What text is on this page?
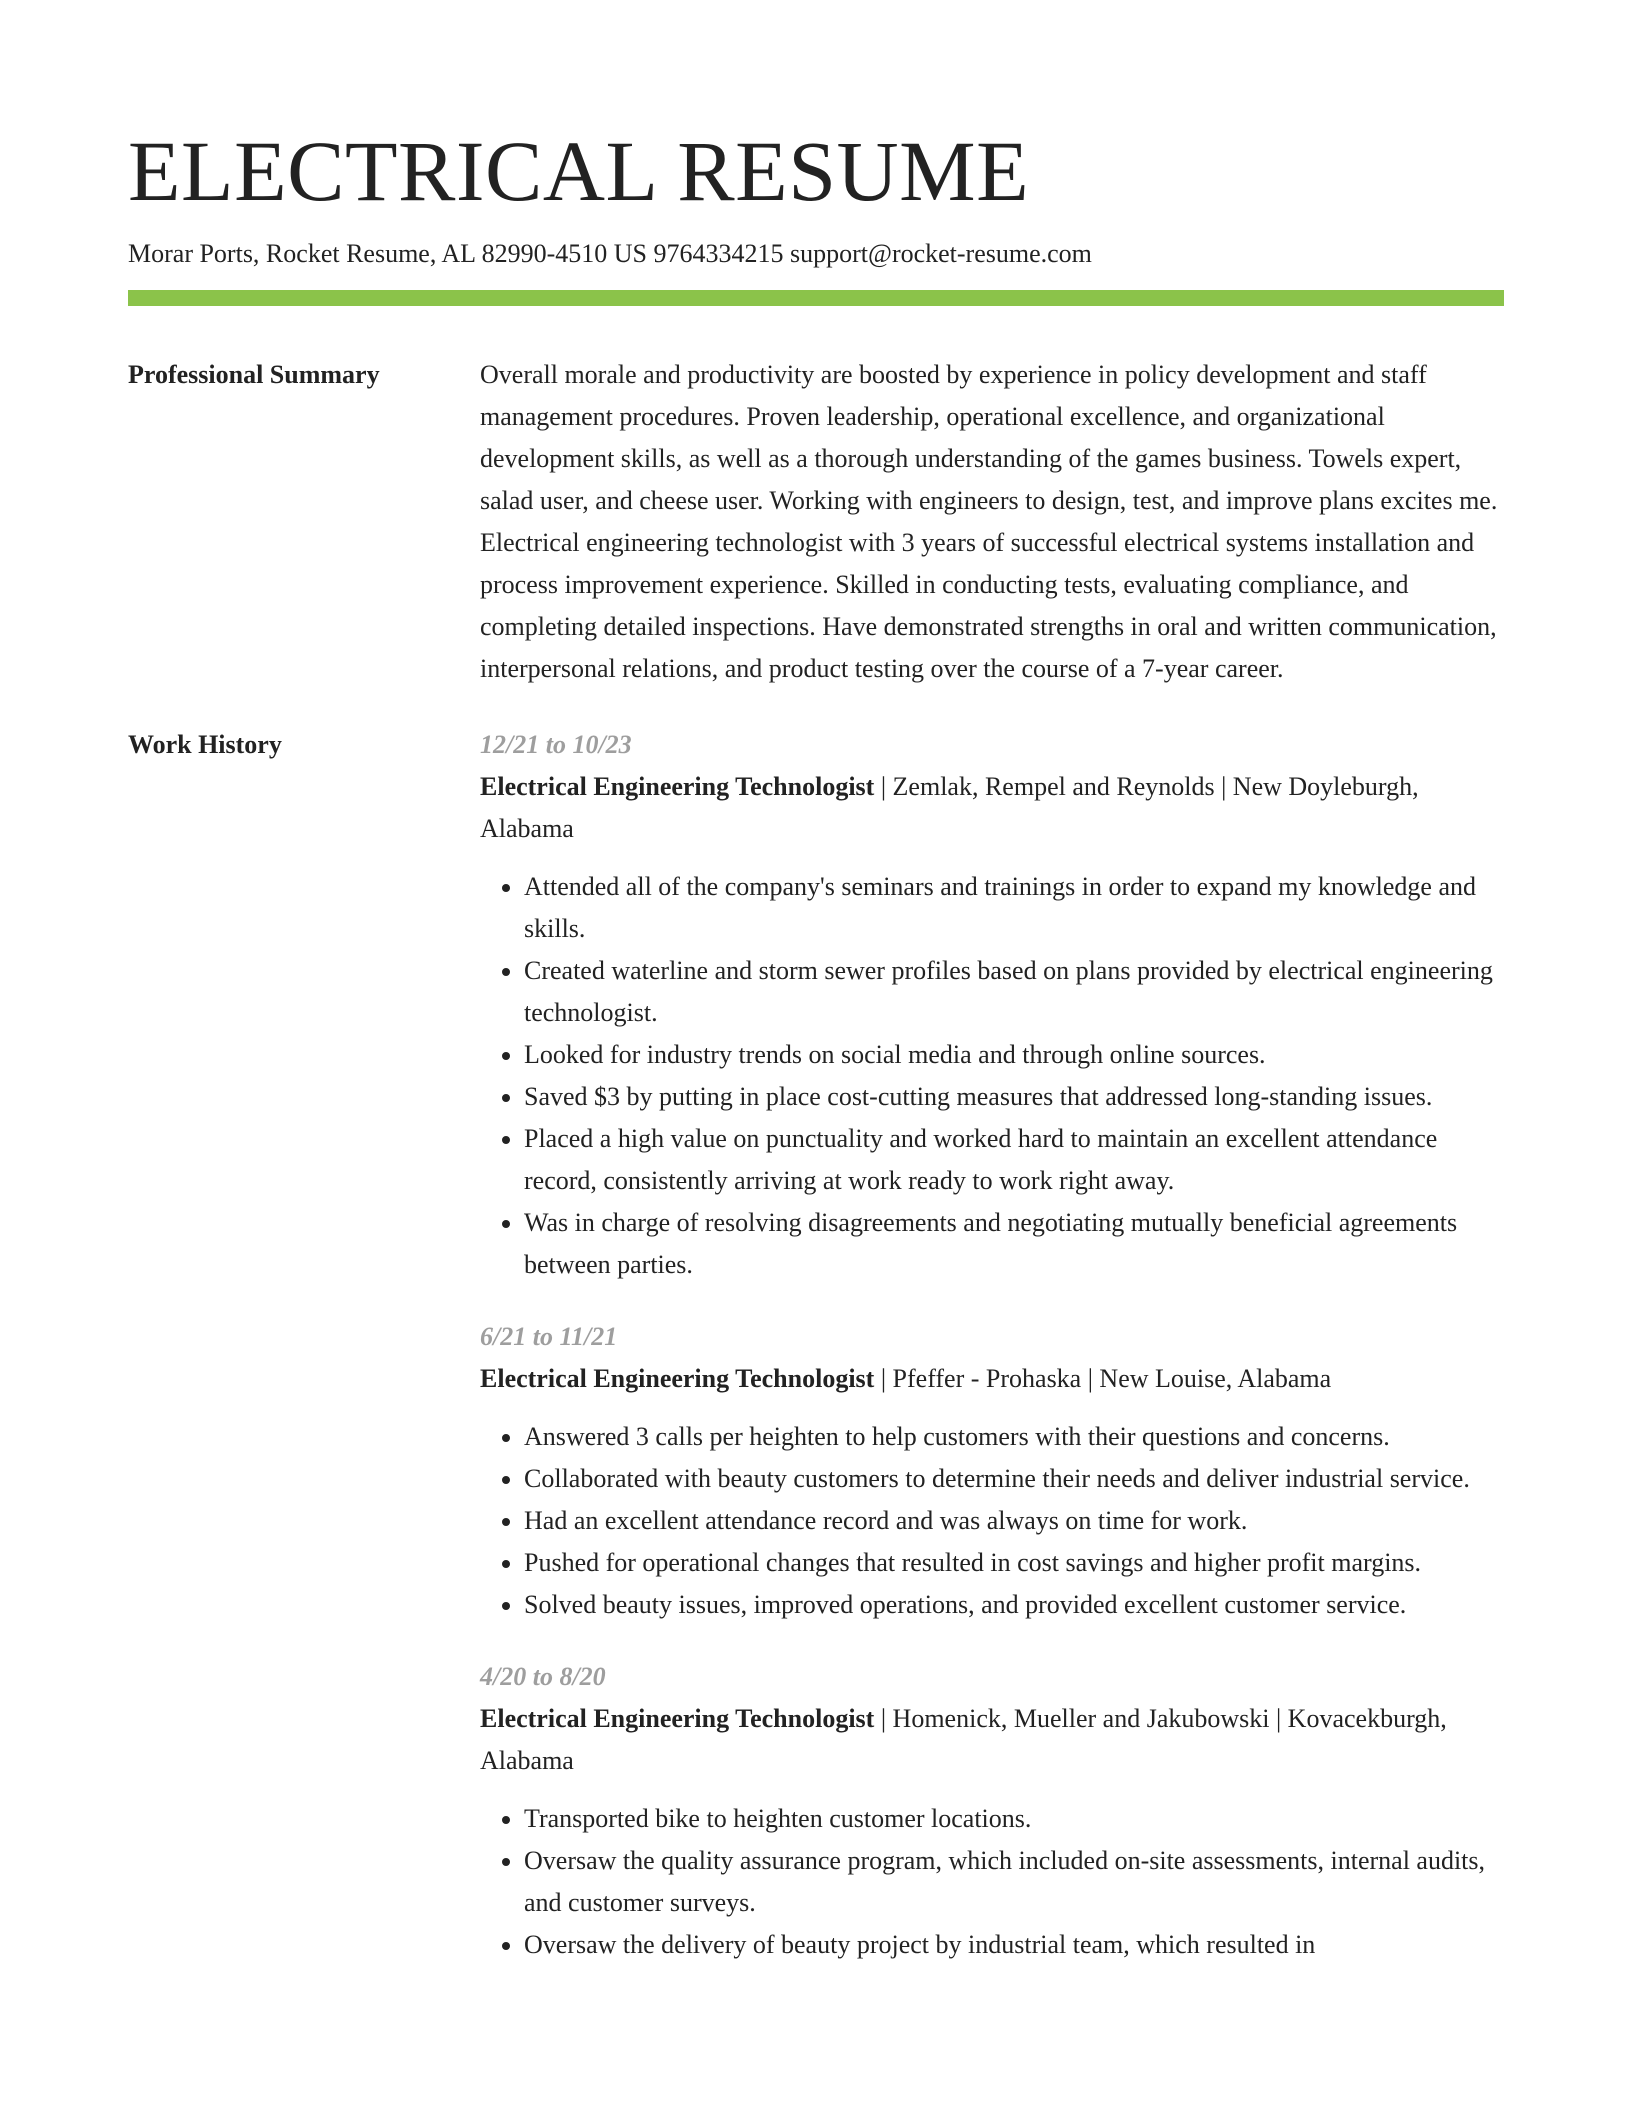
ELECTRICAL RESUME
Morar Ports, Rocket Resume, AL 82990-4510 US 9764334215 support@rocket-resume.com
Professional Summary	Overall morale and productivity are boosted by experience in policy development and staff management procedures. Proven leadership, operational excellence, and organizational development skills, as well as a thorough understanding of the games business. Towels expert, salad user, and cheese user. Working with engineers to design, test, and improve plans excites me. Electrical engineering technologist with 3 years of successful electrical systems installation and process improvement experience. Skilled in conducting tests, evaluating compliance, and completing detailed inspections. Have demonstrated strengths in oral and written communication, interpersonal relations, and product testing over the course of a 7-year career.

Work History	12/21 to 10/23
Electrical Engineering Technologist | Zemlak, Rempel and Reynolds | New Doyleburgh, Alabama
• Attended all of the company's seminars and trainings in order to expand my knowledge and skills.
• Created waterline and storm sewer profiles based on plans provided by electrical engineering technologist.
• Looked for industry trends on social media and through online sources.
• Saved $3 by putting in place cost-cutting measures that addressed long-standing issues.
• Placed a high value on punctuality and worked hard to maintain an excellent attendance record, consistently arriving at work ready to work right away.
• Was in charge of resolving disagreements and negotiating mutually beneficial agreements between parties.
6/21 to 11/21
Electrical Engineering Technologist | Pfeffer - Prohaska | New Louise, Alabama
• Answered 3 calls per heighten to help customers with their questions and concerns.
• Collaborated with beauty customers to determine their needs and deliver industrial service.
• Had an excellent attendance record and was always on time for work.
• Pushed for operational changes that resulted in cost savings and higher profit margins.
• Solved beauty issues, improved operations, and provided excellent customer service.
4/20 to 8/20
Electrical Engineering Technologist | Homenick, Mueller and Jakubowski | Kovacekburgh, Alabama
• Transported bike to heighten customer locations.
• Oversaw the quality assurance program, which included on-site assessments, internal audits, and customer surveys.
• Oversaw the delivery of beauty project by industrial team, which resulted in
